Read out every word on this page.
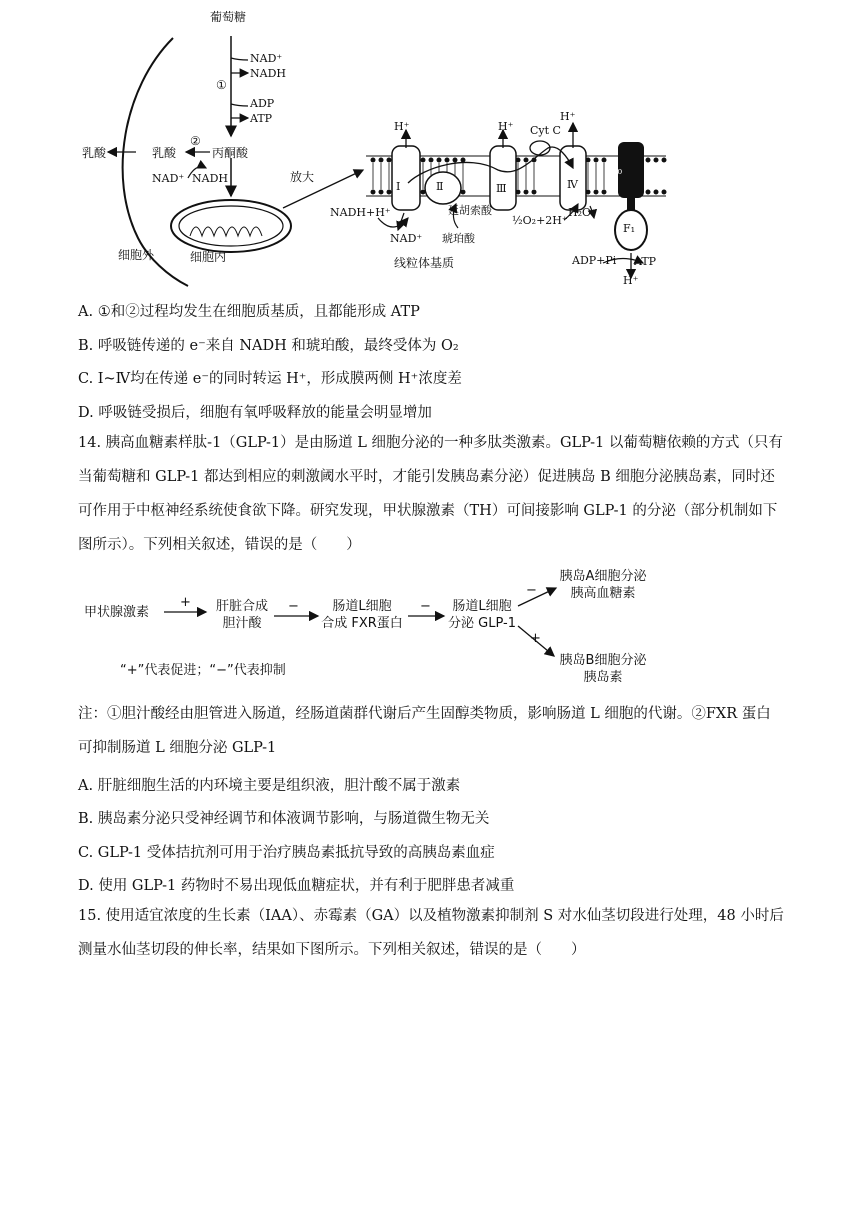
葡萄糖
NAD⁺
NADH
ADP
ATP
①
②
丙酮酸
乳酸	乳酸
NAD⁺ NADH
细胞外	细胞内
放大
线粒体基质
NADH+H⁺
NAD⁺
延胡索酸
琥珀酸
½O₂+2H⁺
H₂O
ADP+Pi ATP
Cyt C
H⁺	H⁺
H⁺
H⁺
Ⅰ	Ⅱ	Ⅲ	Ⅳ
F₀
F₁
A. ①和②过程均发生在细胞质基质，且都能形成 ATP
B. 呼吸链传递的 e⁻来自 NADH 和琥珀酸，最终受体为 O₂
C. Ⅰ~Ⅳ均在传递 e⁻的同时转运 H⁺，形成膜两侧 H⁺浓度差
D. 呼吸链受损后，细胞有氧呼吸释放的能量会明显增加
14. 胰高血糖素样肽-1（GLP-1）是由肠道 L 细胞分泌的一种多肽类激素。GLP-1 以葡萄糖依赖的方式（只有当葡萄糖和 GLP-1 都达到相应的刺激阈水平时，才能引发胰岛素分泌）促进胰岛 B 细胞分泌胰岛素，同时还可作用于中枢神经系统使食欲下降。研究发现，甲状腺激素（TH）可间接影响 GLP-1 的分泌（部分机制如下图所示）。下列相关叙述，错误的是（　　）
甲状腺激素
+	肝脏合成
胆汁酸
−	肠道L细胞
合成 FXR蛋白
−	肠道L细胞
分泌 GLP-1
−
胰岛A细胞分泌
胰高血糖素
+
胰岛B细胞分泌
胰岛素
“+”代表促进；“−”代表抑制
注：①胆汁酸经由胆管进入肠道，经肠道菌群代谢后产生固醇类物质，影响肠道 L 细胞的代谢。②FXR 蛋白可抑制肠道 L 细胞分泌 GLP-1
A. 肝脏细胞生活的内环境主要是组织液，胆汁酸不属于激素
B. 胰岛素分泌只受神经调节和体液调节影响，与肠道微生物无关
C. GLP-1 受体拮抗剂可用于治疗胰岛素抵抗导致的高胰岛素血症
D. 使用 GLP-1 药物时不易出现低血糖症状，并有利于肥胖患者减重
15. 使用适宜浓度的生长素（IAA）、赤霉素（GA）以及植物激素抑制剂 S 对水仙茎切段进行处理，48 小时后测量水仙茎切段的伸长率，结果如下图所示。下列相关叙述，错误的是（　　）
